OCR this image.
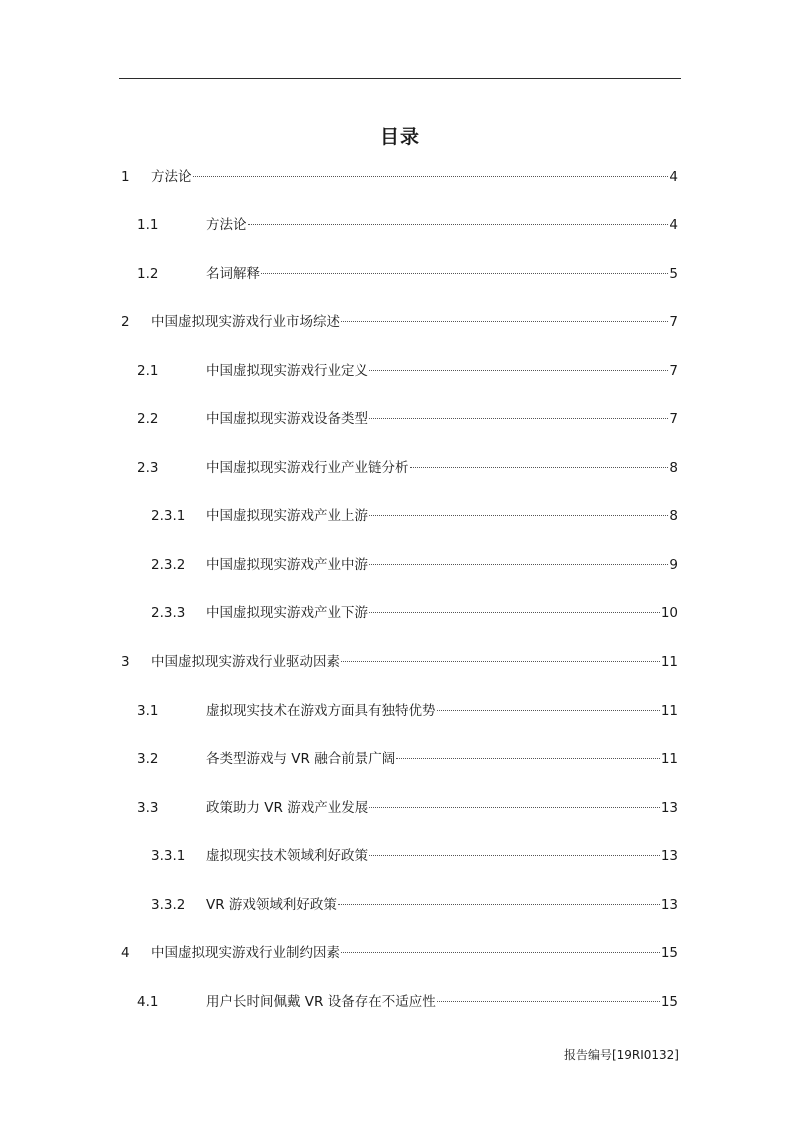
目录
1	方法论	4
1.1	方法论	4
1.2	名词解释	5
2	中国虚拟现实游戏行业市场综述	7
2.1	中国虚拟现实游戏行业定义	7
2.2	中国虚拟现实游戏设备类型	7
2.3	中国虚拟现实游戏行业产业链分析	8
2.3.1	中国虚拟现实游戏产业上游	8
2.3.2	中国虚拟现实游戏产业中游	9
2.3.3	中国虚拟现实游戏产业下游	10
3	中国虚拟现实游戏行业驱动因素	11
3.1	虚拟现实技术在游戏方面具有独特优势	11
3.2	各类型游戏与 VR 融合前景广阔	11
3.3	政策助力 VR 游戏产业发展	13
3.3.1	虚拟现实技术领域利好政策	13
3.3.2	VR 游戏领域利好政策	13
4	中国虚拟现实游戏行业制约因素	15
4.1	用户长时间佩戴 VR 设备存在不适应性	15
报告编号[19RI0132]
